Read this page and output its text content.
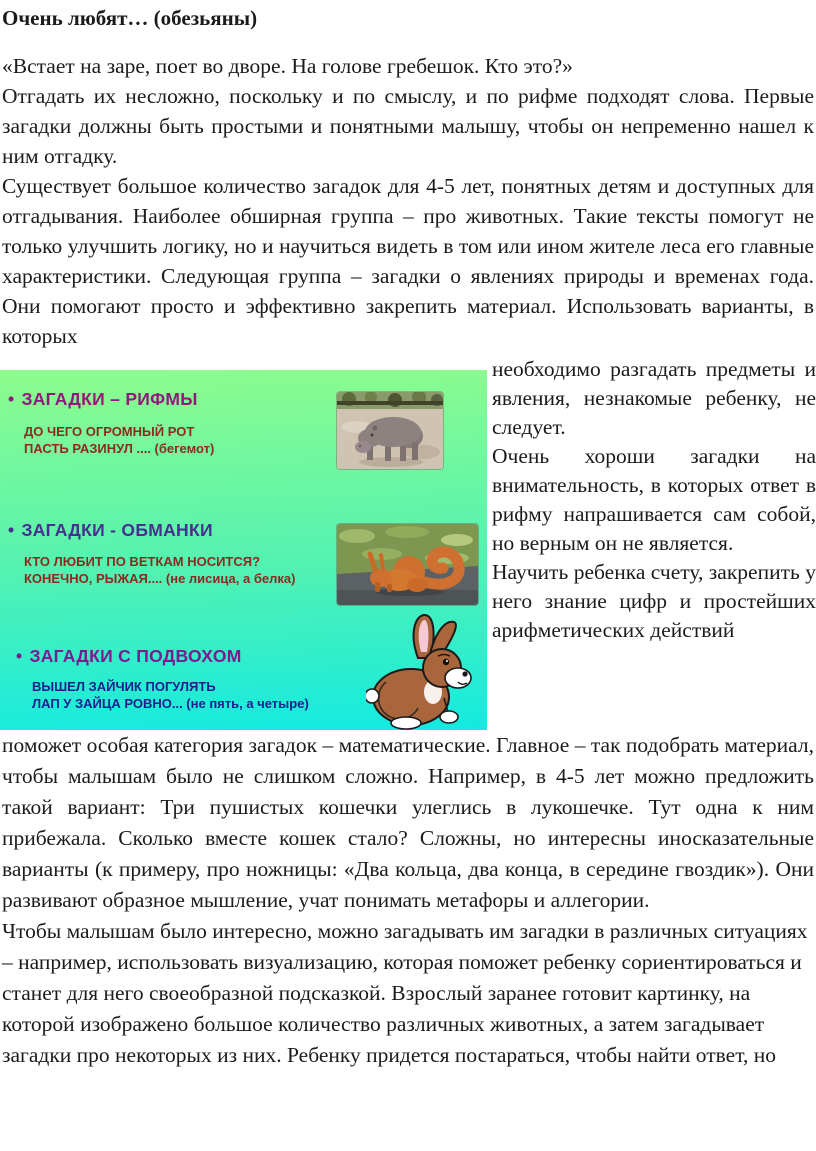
Очень любят… (обезьяны)

«Встает на заре, поет во дворе. На голове гребешок. Кто это?»

Отгадать их несложно, поскольку и по смыслу, и по рифме подходят слова. Первые загадки должны быть простыми и понятными малышу, чтобы он непременно нашел к ним отгадку.

Существует большое количество загадок для 4-5 лет, понятных детям и доступных для отгадывания. Наиболее обширная группа – про животных. Такие тексты помогут не только улучшить логику, но и научиться видеть в том или ином жителе леса его главные характеристики. Следующая группа – загадки о явлениях природы и временах года. Они помогают просто и эффективно закрепить материал. Использовать варианты, в которых

• ЗАГАДКИ – РИФМЫ
ДО ЧЕГО ОГРОМНЫЙ РОТ
ПАСТЬ РАЗИНУЛ .... (бегемот)
• ЗАГАДКИ - ОБМАНКИ
КТО ЛЮБИТ ПО ВЕТКАМ НОСИТСЯ?
КОНЕЧНО, РЫЖАЯ.... (не лисица, а белка)
• ЗАГАДКИ С ПОДВОХОМ
ВЫШЕЛ ЗАЙЧИК ПОГУЛЯТЬ
ЛАП У ЗАЙЦА РОВНО... (не пять, а четыре)

необходимо разгадать предметы и явления, незнакомые ребенку, не следует.

Очень хороши загадки на внимательность, в которых ответ в рифму напрашивается сам собой, но верным он не является.

Научить ребенка счету, закрепить у него знание цифр и простейших арифметических действий

поможет особая категория загадок – математические. Главное – так подобрать материал, чтобы малышам было не слишком сложно. Например, в 4-5 лет можно предложить такой вариант: Три пушистых кошечки улеглись в лукошечке. Тут одна к ним прибежала. Сколько вместе кошек стало? Сложны, но интересны иносказательные варианты (к примеру, про ножницы: «Два кольца, два конца, в середине гвоздик»). Они развивают образное мышление, учат понимать метафоры и аллегории.

Чтобы малышам было интересно, можно загадывать им загадки в различных ситуациях – например, использовать визуализацию, которая поможет ребенку сориентироваться и станет для него своеобразной подсказкой. Взрослый заранее готовит картинку, на которой изображено большое количество различных животных, а затем загадывает загадки про некоторых из них. Ребенку придется постараться, чтобы найти ответ, но
